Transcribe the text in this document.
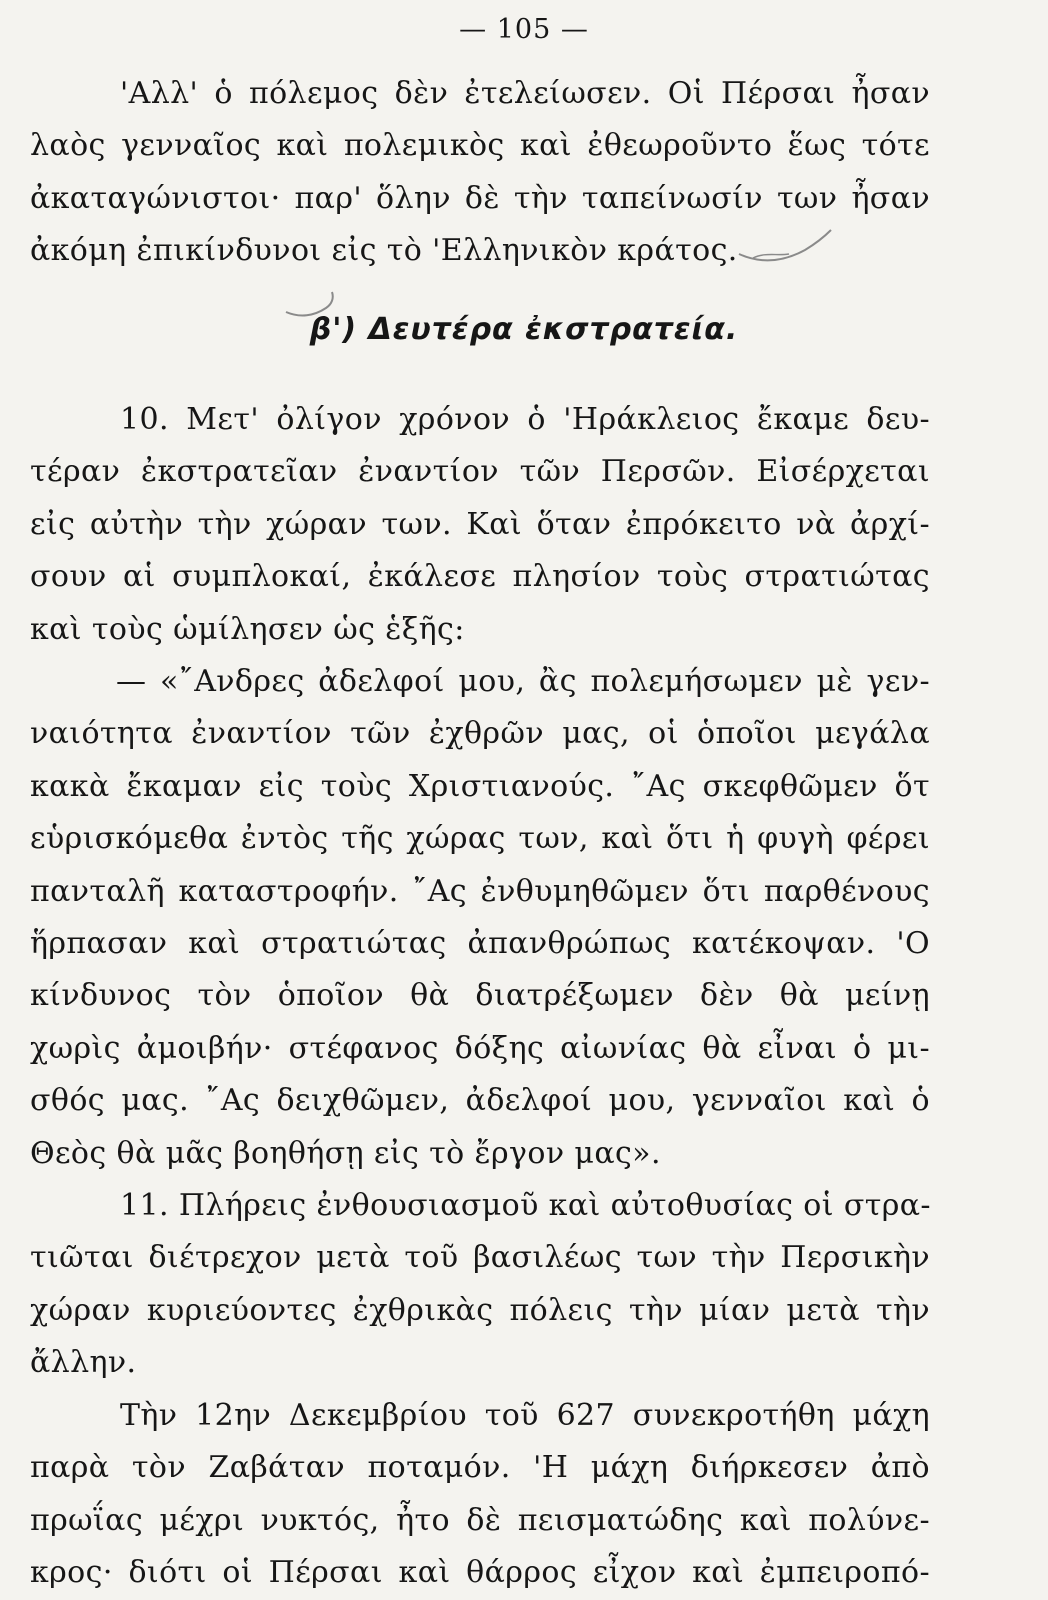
— 105 —
'Αλλ' ὁ πόλεμος δὲν ἐτελείωσεν. Οἱ Πέρσαι ἦσαν
λαὸς γενναῖος καὶ πολεμικὸς καὶ ἐθεωροῦντο ἕως τότε
ἀκαταγώνιστοι· παρ' ὅλην δὲ τὴν ταπείνωσίν των ἦσαν
ἀκόμη ἐπικίνδυνοι εἰς τὸ 'Ελληνικὸν κράτος.
β') Δευτέρα ἐκστρατεία.
10. Μετ' ὀλίγον χρόνον ὁ 'Ηράκλειος ἔκαμε δευ-
τέραν ἐκστρατεῖαν ἐναντίον τῶν Περσῶν. Εἰσέρχεται
εἰς αὐτὴν τὴν χώραν των. Καὶ ὅταν ἐπρόκειτο νὰ ἀρχί-
σουν αἱ συμπλοκαί, ἐκάλεσε πλησίον τοὺς στρατιώτας
καὶ τοὺς ὡμίλησεν ὡς ἑξῆς:
— «῎Ανδρες ἀδελφοί μου, ἂς πολεμήσωμεν μὲ γεν-
ναιότητα ἐναντίον τῶν ἐχθρῶν μας, οἱ ὁποῖοι μεγάλα
κακὰ ἔκαμαν εἰς τοὺς Χριστιανούς. ῎Ας σκεφθῶμεν ὅτ
εὑρισκόμεθα ἐντὸς τῆς χώρας των, καὶ ὅτι ἡ φυγὴ φέρει
πανταλῆ καταστροφήν. ῎Ας ἐνθυμηθῶμεν ὅτι παρθένους
ἥρπασαν καὶ στρατιώτας ἀπανθρώπως κατέκοψαν. 'Ο
κίνδυνος τὸν ὁποῖον θὰ διατρέξωμεν δὲν θὰ μείνῃ
χωρὶς ἀμοιβήν· στέφανος δόξης αἰωνίας θὰ εἶναι ὁ μι-
σθός μας. ῎Ας δειχθῶμεν, ἀδελφοί μου, γενναῖοι καὶ ὁ
Θεὸς θὰ μᾶς βοηθήσῃ εἰς τὸ ἔργον μας».
11. Πλήρεις ἐνθουσιασμοῦ καὶ αὐτοθυσίας οἱ στρα-
τιῶται διέτρεχον μετὰ τοῦ βασιλέως των τὴν Περσικὴν
χώραν κυριεύοντες ἐχθρικὰς πόλεις τὴν μίαν μετὰ τὴν
ἄλλην.
Τὴν 12ην Δεκεμβρίου τοῦ 627 συνεκροτήθη μάχη
παρὰ τὸν Ζαβάταν ποταμόν. 'Η μάχη διήρκεσεν ἀπὸ
πρωΐας μέχρι νυκτός, ἦτο δὲ πεισματώδης καὶ πολύνε-
κρος· διότι οἱ Πέρσαι καὶ θάρρος εἶχον καὶ ἐμπειροπό-
